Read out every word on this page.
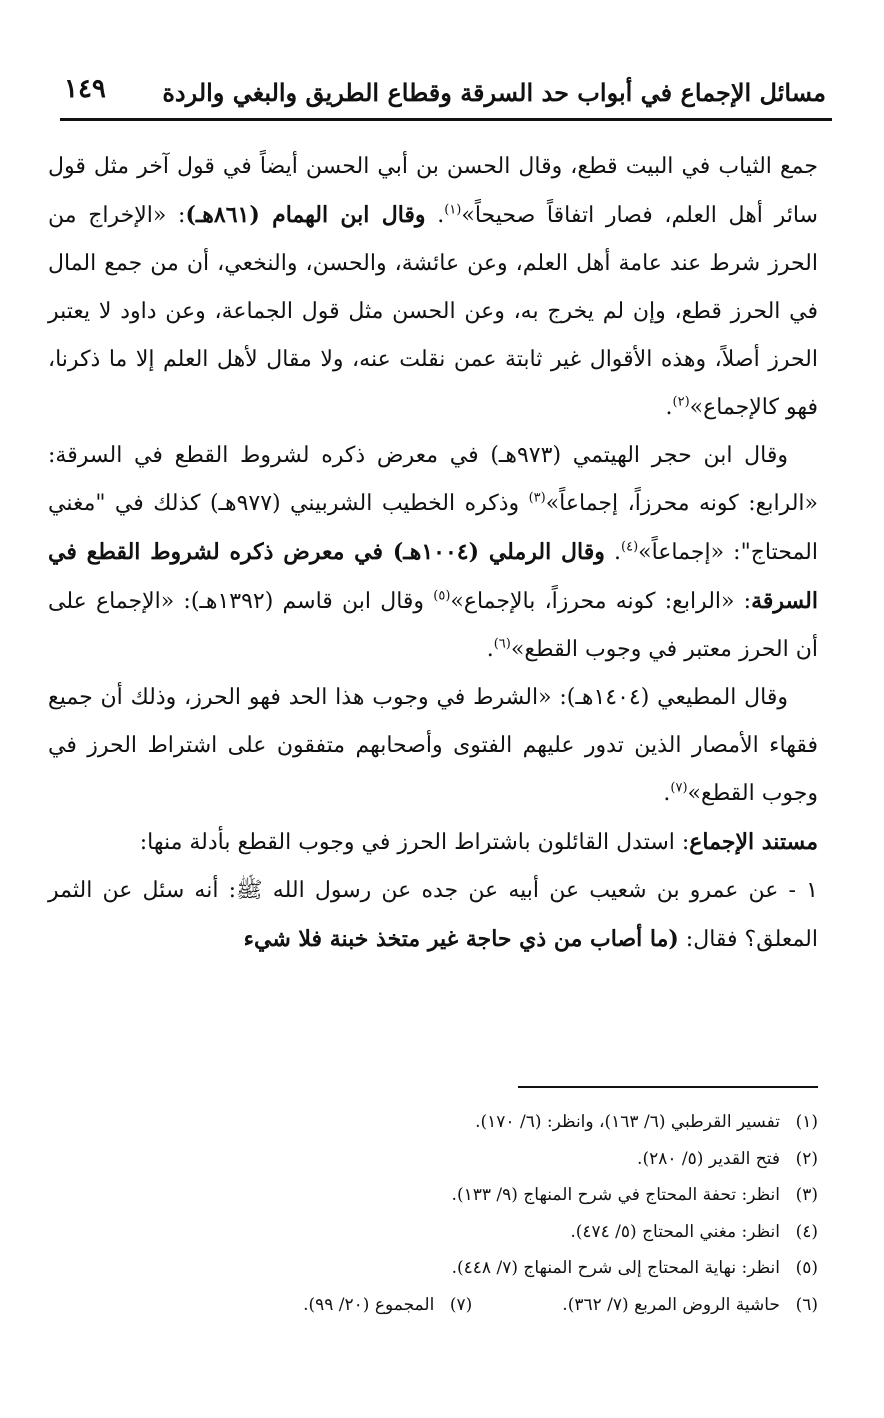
مسائل الإجماع في أبواب حد السرقة وقطاع الطريق والبغي والردة
١٤٩

جمع الثياب في البيت قطع، وقال الحسن بن أبي الحسن أيضاً في قول آخر مثل قول سائر أهل العلم، فصار اتفاقاً صحيحاً»$^{(١)}$. وقال ابن الهمام (٨٦١هـ): «الإخراج من الحرز شرط عند عامة أهل العلم، وعن عائشة، والحسن، والنخعي، أن من جمع المال في الحرز قطع، وإن لم يخرج به، وعن الحسن مثل قول الجماعة، وعن داود لا يعتبر الحرز أصلاً، وهذه الأقوال غير ثابتة عمن نقلت عنه، ولا مقال لأهل العلم إلا ما ذكرنا، فهو كالإجماع»$^{(٢)}$.

وقال ابن حجر الهيتمي (٩٧٣هـ) في معرض ذكره لشروط القطع في السرقة: «الرابع: كونه محرزاً، إجماعاً»$^{(٣)}$ وذكره الخطيب الشربيني (٩٧٧هـ) كذلك في "مغني المحتاج": «إجماعاً»$^{(٤)}$. وقال الرملي (١٠٠٤هـ) في معرض ذكره لشروط القطع في السرقة: «الرابع: كونه محرزاً، بالإجماع»$^{(٥)}$ وقال ابن قاسم (١٣٩٢هـ): «الإجماع على أن الحرز معتبر في وجوب القطع»$^{(٦)}$.

وقال المطيعي (١٤٠٤هـ): «الشرط في وجوب هذا الحد فهو الحرز، وذلك أن جميع فقهاء الأمصار الذين تدور عليهم الفتوى وأصحابهم متفقون على اشتراط الحرز في وجوب القطع»$^{(٧)}$.

مستند الإجماع: استدل القائلون باشتراط الحرز في وجوب القطع بأدلة منها:

١ - عن عمرو بن شعيب عن أبيه عن جده عن رسول الله ﷺ: أنه سئل عن الثمر المعلق؟ فقال: (ما أصاب من ذي حاجة غير متخذ خبنة فلا شيء

(١)تفسير القرطبي (٦/ ١٦٣)، وانظر: (٦/ ١٧٠).
(٢)فتح القدير (٥/ ٢٨٠).
(٣)انظر: تحفة المحتاج في شرح المنهاج (٩/ ١٣٣).
(٤)انظر: مغني المحتاج (٥/ ٤٧٤).
(٥)انظر: نهاية المحتاج إلى شرح المنهاج (٧/ ٤٤٨).
(٦)حاشية الروض المربع (٧/ ٣٦٢).(٧)المجموع (٢٠/ ٩٩).
